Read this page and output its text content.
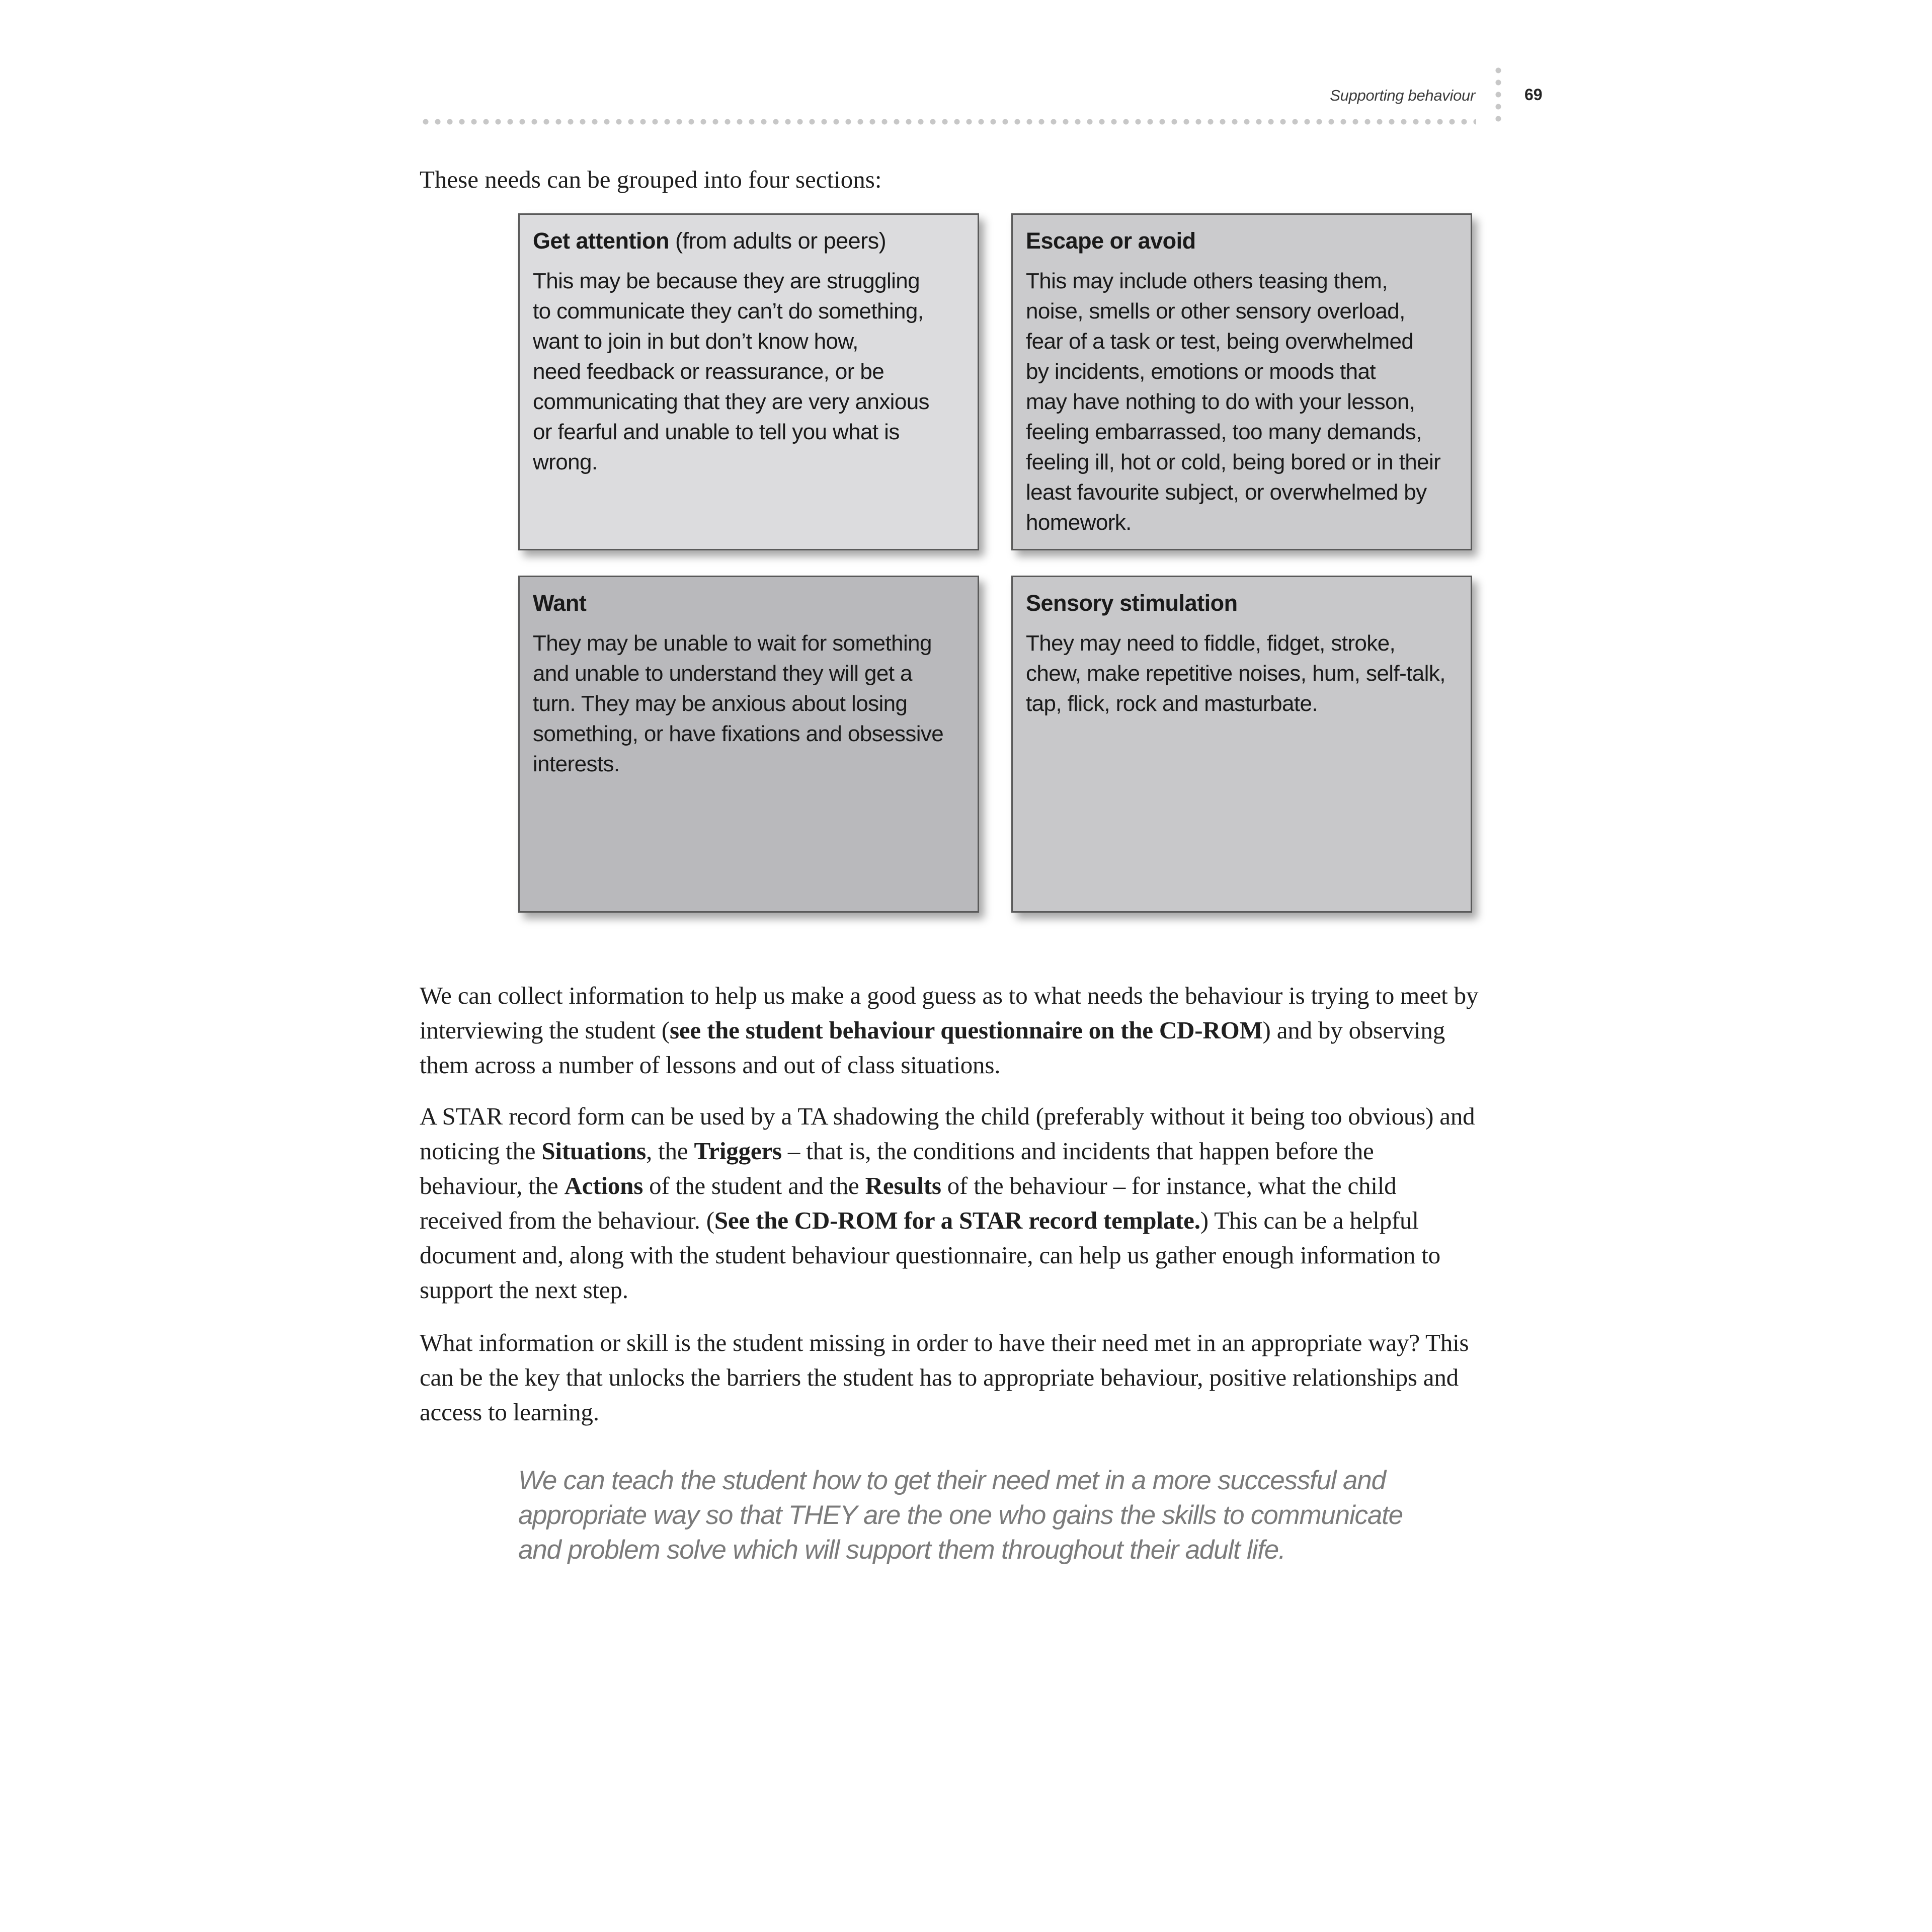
Supporting behaviour	69
These needs can be grouped into four sections:

Get attention (from adults or peers)

This may be because they are struggling
to communicate they can’t do something,
want to join in but don’t know how,
need feedback or reassurance, or be
communicating that they are very anxious
or fearful and unable to tell you what is
wrong.

Escape or avoid

This may include others teasing them,
noise, smells or other sensory overload,
fear of a task or test, being overwhelmed
by incidents, emotions or moods that
may have nothing to do with your lesson,
feeling embarrassed, too many demands,
feeling ill, hot or cold, being bored or in their
least favourite subject, or overwhelmed by
homework.

Want

They may be unable to wait for something
and unable to understand they will get a
turn. They may be anxious about losing
something, or have fixations and obsessive
interests.

Sensory stimulation

They may need to fiddle, fidget, stroke,
chew, make repetitive noises, hum, self-talk,
tap, flick, rock and masturbate.

We can collect information to help us make a good guess as to what needs the behaviour is trying to meet by interviewing the student (see the student behaviour questionnaire on the CD-ROM) and by observing them across a number of lessons and out of class situations.

A STAR record form can be used by a TA shadowing the child (preferably without it being too obvious) and noticing the Situations, the Triggers – that is, the conditions and incidents that happen before the behaviour, the Actions of the student and the Results of the behaviour – for instance, what the child received from the behaviour. (See the CD-ROM for a STAR record template.) This can be a helpful document and, along with the student behaviour questionnaire, can help us gather enough information to support the next step.

What information or skill is the student missing in order to have their need met in an appropriate way? This can be the key that unlocks the barriers the student has to appropriate behaviour, positive relationships and access to learning.

We can teach the student how to get their need met in a more successful and
appropriate way so that THEY are the one who gains the skills to communicate
and problem solve which will support them throughout their adult life.
